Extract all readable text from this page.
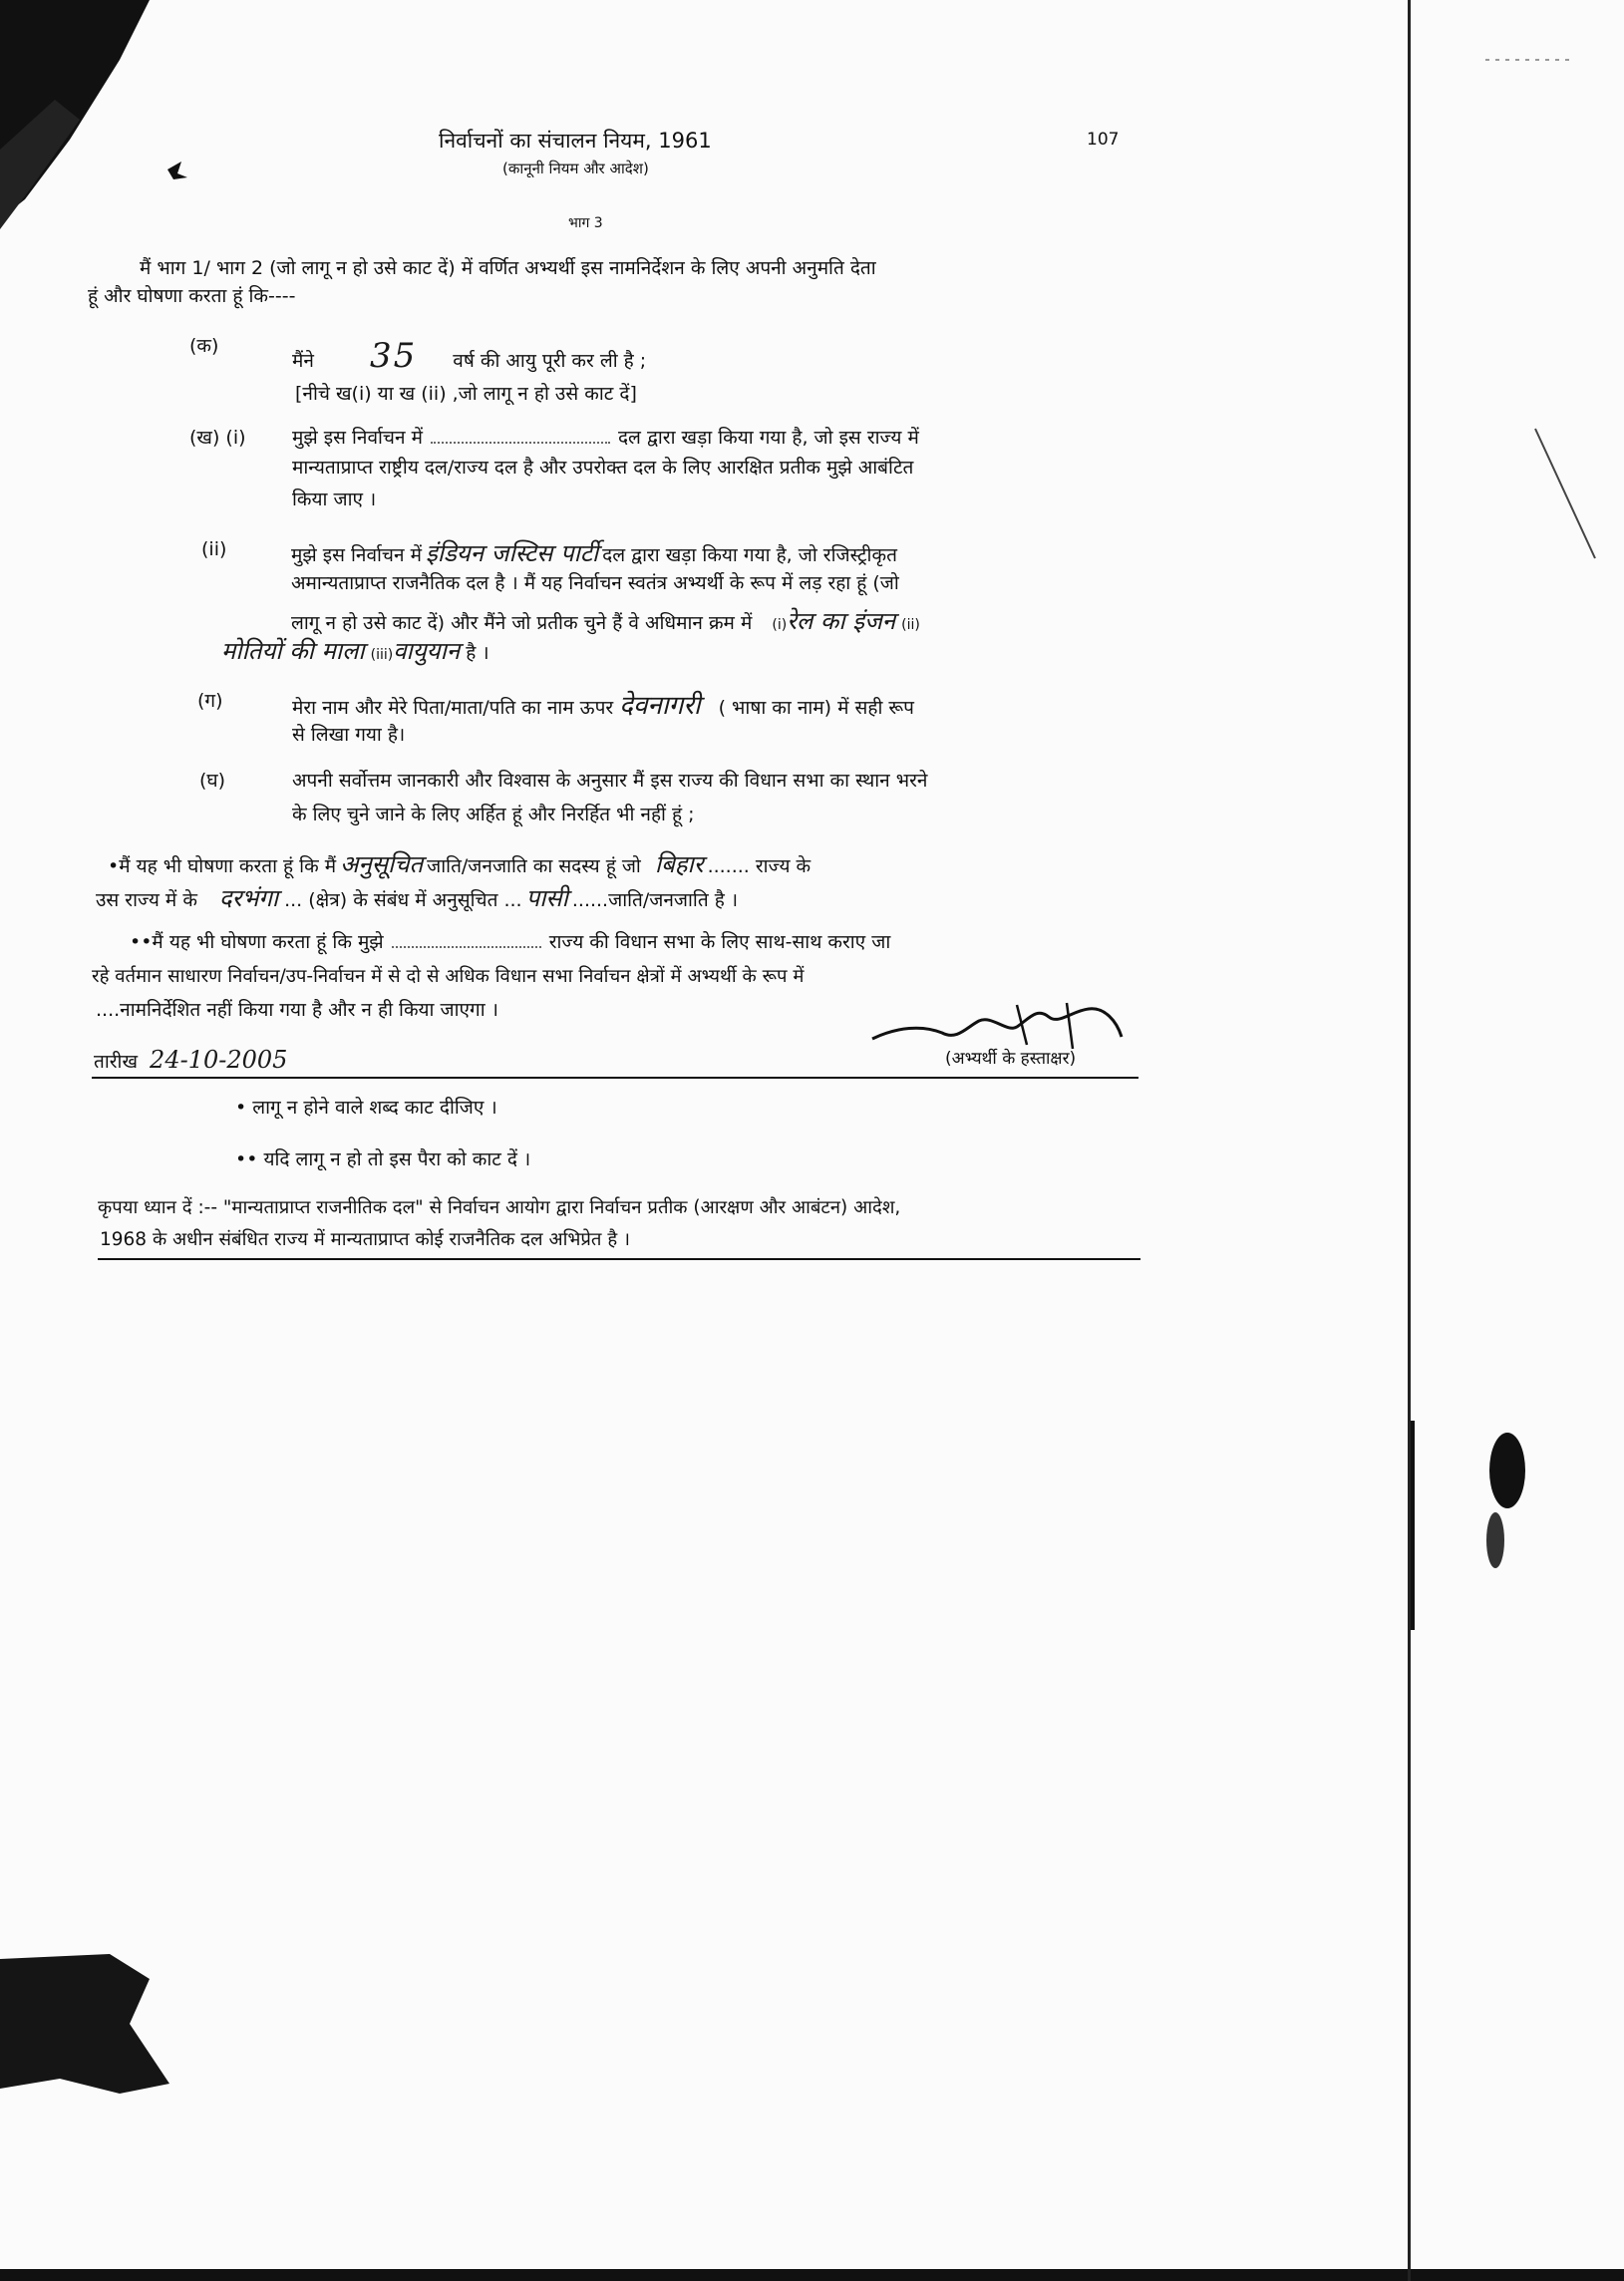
निर्वाचनों का संचालन नियम, 1961	107
(कानूनी नियम और आदेश)
भाग 3
मैं भाग 1/ भाग 2 (जो लागू न हो उसे काट दें) में वर्णित अभ्यर्थी इस नामनिर्देशन के लिए अपनी अनुमति देता
हूं और घोषणा करता हूं कि----
(क)
मैंने 35 वर्ष की आयु पूरी कर ली है ;
[नीचे ख(i) या ख (ii) ,जो लागू न हो उसे काट दें]
(ख) (i) मुझे इस निर्वाचन में	दल द्वारा खड़ा किया गया है, जो इस राज्य में
मान्यताप्राप्त राष्ट्रीय दल/राज्य दल है और उपरोक्त दल के लिए आरक्षित प्रतीक मुझे आबंटित
किया जाए ।
(ii)	मुझे इस निर्वाचन में इंडियन जस्टिस पार्टी दल द्वारा खड़ा किया गया है, जो रजिस्ट्रीकृत
अमान्यताप्राप्त राजनैतिक दल है । मैं यह निर्वाचन स्वतंत्र अभ्यर्थी के रूप में लड़ रहा हूं (जो
लागू न हो उसे काट दें) और मैंने जो प्रतीक चुने हैं वे अधिमान क्रम में (i)रेल का इंजन (ii)
मोतियों की माला (iii)वायुयान है ।
(ग)	मेरा नाम और मेरे पिता/माता/पति का नाम ऊपर देवनागरी ( भाषा का नाम) में सही रूप
से लिखा गया है।
(घ)	अपनी सर्वोत्तम जानकारी और विश्वास के अनुसार मैं इस राज्य की विधान सभा का स्थान भरने
के लिए चुने जाने के लिए अर्हित हूं और निरर्हित भी नहीं हूं ;
•मैं यह भी घोषणा करता हूं कि मैं अनुसूचित जाति/जनजाति का सदस्य हूं जो बिहार ....... राज्य के
उस राज्य में के दरभंगा ... (क्षेत्र) के संबंध में अनुसूचित ... पासी ......जाति/जनजाति है ।
••मैं यह भी घोषणा करता हूं कि मुझे	राज्य की विधान सभा के लिए साथ-साथ कराए जा
रहे वर्तमान साधारण निर्वाचन/उप-निर्वाचन में से दो से अधिक विधान सभा निर्वाचन क्षेत्रों में अभ्यर्थी के रूप में
....नामनिर्देशित नहीं किया गया है और न ही किया जाएगा ।
तारीख 24-10-2005	(अभ्यर्थी के हस्ताक्षर)
• लागू न होने वाले शब्द काट दीजिए ।
•• यदि लागू न हो तो इस पैरा को काट दें ।
कृपया ध्यान दें :-- "मान्यताप्राप्त राजनीतिक दल" से निर्वाचन आयोग द्वारा निर्वाचन प्रतीक (आरक्षण और आबंटन) आदेश,
1968 के अधीन संबंधित राज्य में मान्यताप्राप्त कोई राजनैतिक दल अभिप्रेत है ।
